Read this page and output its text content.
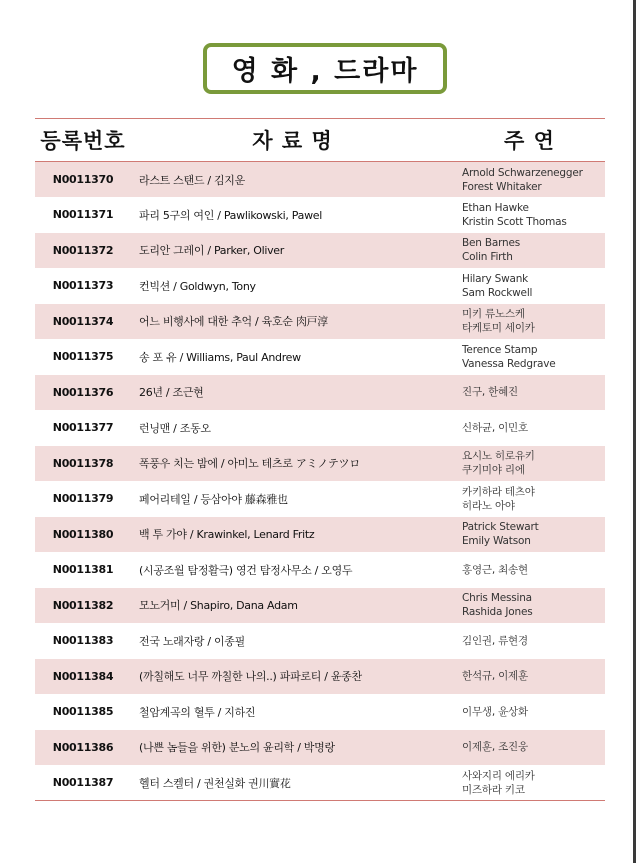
영 화 , 드라마
등록번호	자 료 명	주 연
N0011370	라스트 스탠드 / 김지운	Arnold Schwarzenegger
Forest Whitaker

N0011371	파리 5구의 여인 / Pawlikowski, Pawel	Ethan Hawke
Kristin Scott Thomas

N0011372	도리안 그레이 / Parker, Oliver	Ben Barnes
Colin Firth

N0011373	컨빅션 / Goldwyn, Tony	Hilary Swank
Sam Rockwell

N0011374	어느 비행사에 대한 추억 / 육호순 肉戸淳	미키 류노스케
타케토미 세이카

N0011375	송 포 유 / Williams, Paul Andrew	Terence Stamp
Vanessa Redgrave

N0011376	26년 / 조근현	진구, 한혜진

N0011377	런닝맨 / 조동오	신하균, 이민호

N0011378	폭풍우 치는 밤에 / 아미노 테츠로 アミノテツロ	요시노 히로유키
쿠기미야 리에

N0011379	페어리테일 / 등삼아야 藤森雅也	카키하라 테츠야
히라노 아야

N0011380	백 투 가야 / Krawinkel, Lenard Fritz	Patrick Stewart
Emily Watson

N0011381	(시공조월 탐정활극) 영건 탐정사무소 / 오영두	홍영근, 최송현

N0011382	모노거미 / Shapiro, Dana Adam	Chris Messina
Rashida Jones

N0011383	전국 노래자랑 / 이종필	김인권, 류현경

N0011384	(까칠해도 너무 까칠한 나의..) 파파로티 / 윤종찬	한석규, 이제훈

N0011385	철암계곡의 혈투 / 지하진	이무생, 윤상화

N0011386	(나쁜 놈들을 위한) 분노의 윤리학 / 박명랑	이제훈, 조진웅

N0011387	헬터 스켈터 / 권천실화 권川實花	사와지리 에리카
미즈하라 키코
